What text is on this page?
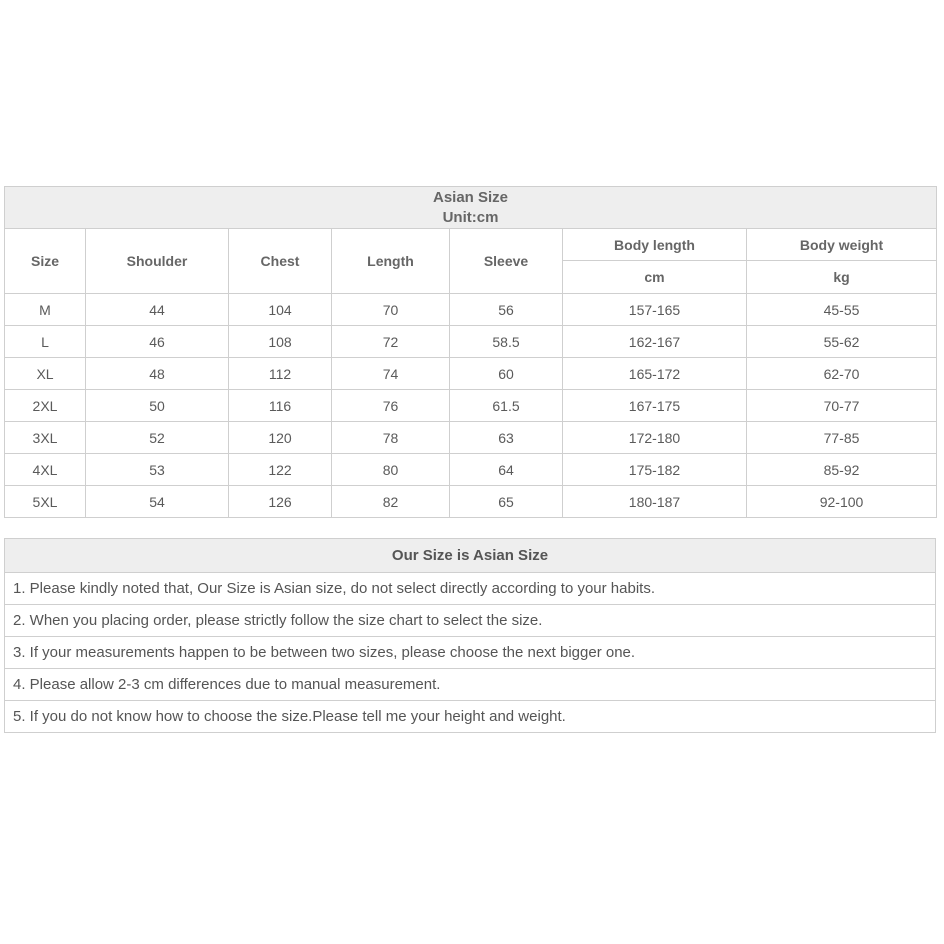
Asian Size
Unit:cm						

Size	Shoulder	Chest	Length	Sleeve	Body length	Body weight
					cm	kg
M	44	104	70	56	157-165	45-55
L	46	108	72	58.5	162-167	55-62
XL	48	112	74	60	165-172	62-70
2XL	50	116	76	61.5	167-175	70-77
3XL	52	120	78	63	172-180	77-85
4XL	53	122	80	64	175-182	85-92
5XL	54	126	82	65	180-187	92-100
Our Size is Asian Size
1. Please kindly noted that, Our Size is Asian size, do not select directly according to your habits.
2. When you placing order, please strictly follow the size chart to select the size.
3. If your measurements happen to be between two sizes, please choose the next bigger one.
4. Please allow 2-3 cm differences due to manual measurement.
5. If you do not know how to choose the size.Please tell me your height and weight.
